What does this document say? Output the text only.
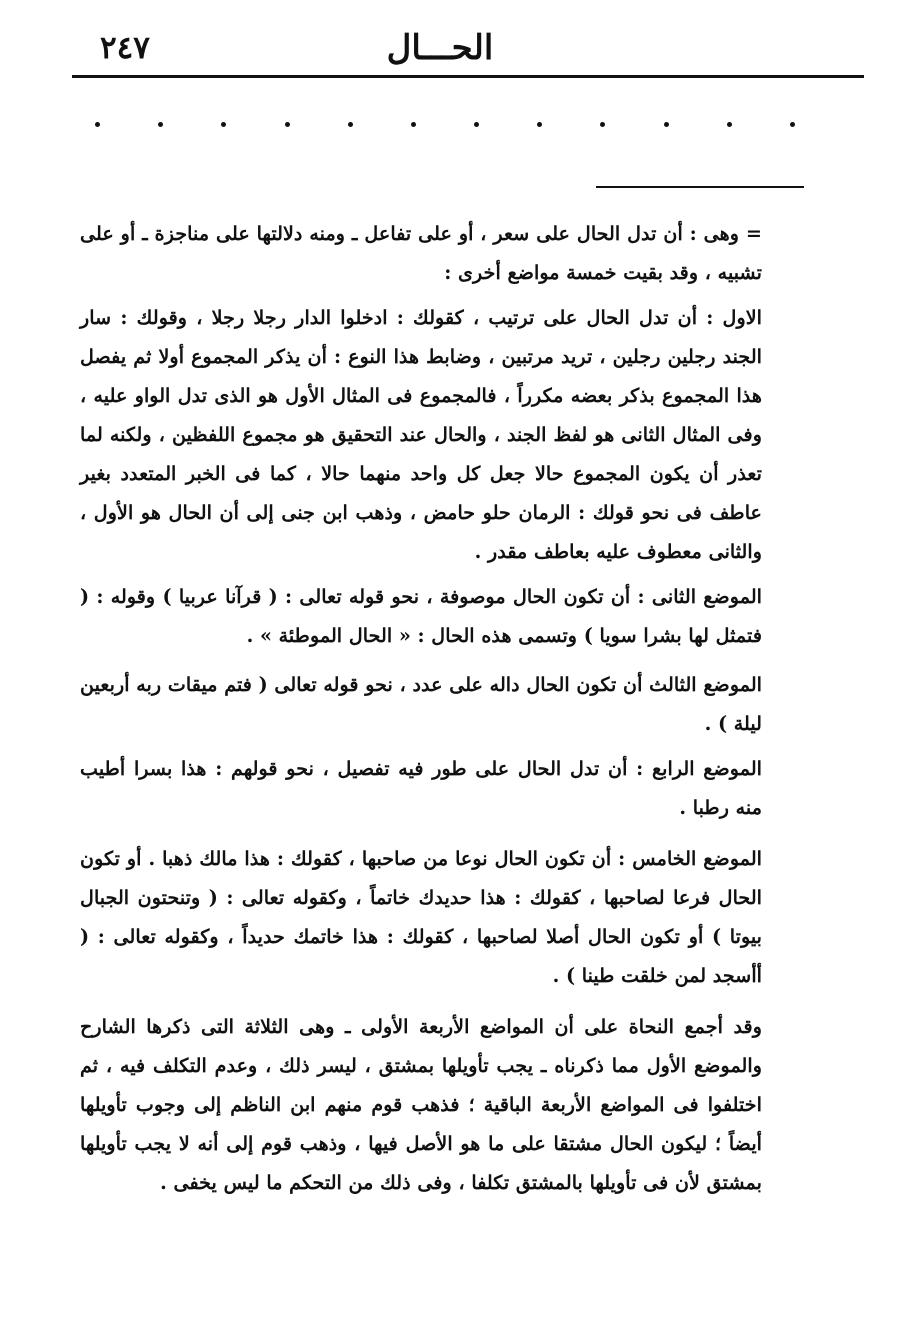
٢٤٧	الحـــال

= وهى : أن تدل الحال على سعر ، أو على تفاعل ـ ومنه دلالتها على مناجزة ـ أو على تشبيه ، وقد بقيت خمسة مواضع أخرى :

الاول : أن تدل الحال على ترتيب ، كقولك : ادخلوا الدار رجلا رجلا ، وقولك : سار الجند رجلين رجلين ، تريد مرتبين ، وضابط هذا النوع : أن يذكر المجموع أولا ثم يفصل هذا المجموع بذكر بعضه مكرراً ، فالمجموع فى المثال الأول هو الذى تدل الواو عليه ، وفى المثال الثانى هو لفظ الجند ، والحال عند التحقيق هو مجموع اللفظين ، ولكنه لما تعذر أن يكون المجموع حالا جعل كل واحد منهما حالا ، كما فى الخبر المتعدد بغير عاطف فى نحو قولك : الرمان حلو حامض ، وذهب ابن جنى إلى أن الحال هو الأول ، والثانى معطوف عليه بعاطف مقدر .

الموضع الثانى : أن تكون الحال موصوفة ، نحو قوله تعالى : ( قرآنا عربيا ) وقوله : ( فتمثل لها بشرا سويا ) وتسمى هذه الحال : « الحال الموطئة » .

الموضع الثالث أن تكون الحال داله على عدد ، نحو قوله تعالى ( فتم ميقات ربه أربعين ليلة ) .

الموضع الرابع : أن تدل الحال على طور فيه تفصيل ، نحو قولهم : هذا بسرا أطيب منه رطبا .

الموضع الخامس : أن تكون الحال نوعا من صاحبها ، كقولك : هذا مالك ذهبا . أو تكون الحال فرعا لصاحبها ، كقولك : هذا حديدك خاتماً ، وكقوله تعالى : ( وتنحتون الجبال بيوتا ) أو تكون الحال أصلا لصاحبها ، كقولك : هذا خاتمك حديداً ، وكقوله تعالى : ( أأسجد لمن خلقت طينا ) .

وقد أجمع النحاة على أن المواضع الأربعة الأولى ـ وهى الثلاثة التى ذكرها الشارح والموضع الأول مما ذكرناه ـ يجب تأويلها بمشتق ، ليسر ذلك ، وعدم التكلف فيه ، ثم اختلفوا فى المواضع الأربعة الباقية ؛ فذهب قوم منهم ابن الناظم إلى وجوب تأويلها أيضاً ؛ ليكون الحال مشتقا على ما هو الأصل فيها ، وذهب قوم إلى أنه لا يجب تأويلها بمشتق لأن فى تأويلها بالمشتق تكلفا ، وفى ذلك من التحكم ما ليس يخفى .
